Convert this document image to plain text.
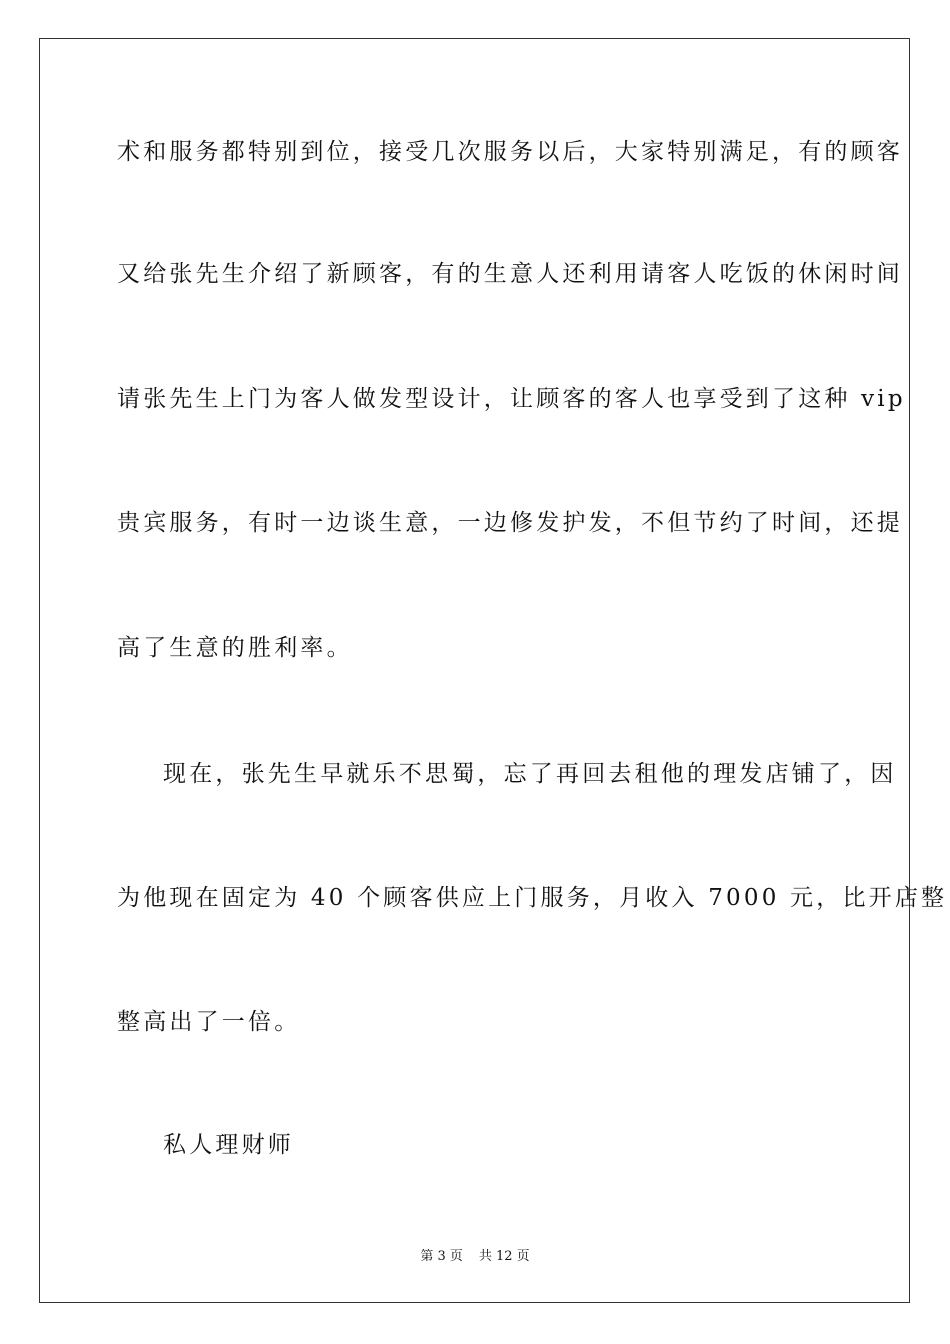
术和服务都特别到位，接受几次服务以后，大家特别满足，有的顾客
又给张先生介绍了新顾客，有的生意人还利用请客人吃饭的休闲时间
请张先生上门为客人做发型设计，让顾客的客人也享受到了这种 vip
贵宾服务，有时一边谈生意，一边修发护发，不但节约了时间，还提
高了生意的胜利率。
现在，张先生早就乐不思蜀，忘了再回去租他的理发店铺了，因
为他现在固定为 40 个顾客供应上门服务，月收入 7000 元，比开店整
整高出了一倍。
私人理财师
第 3 页 共 12 页
